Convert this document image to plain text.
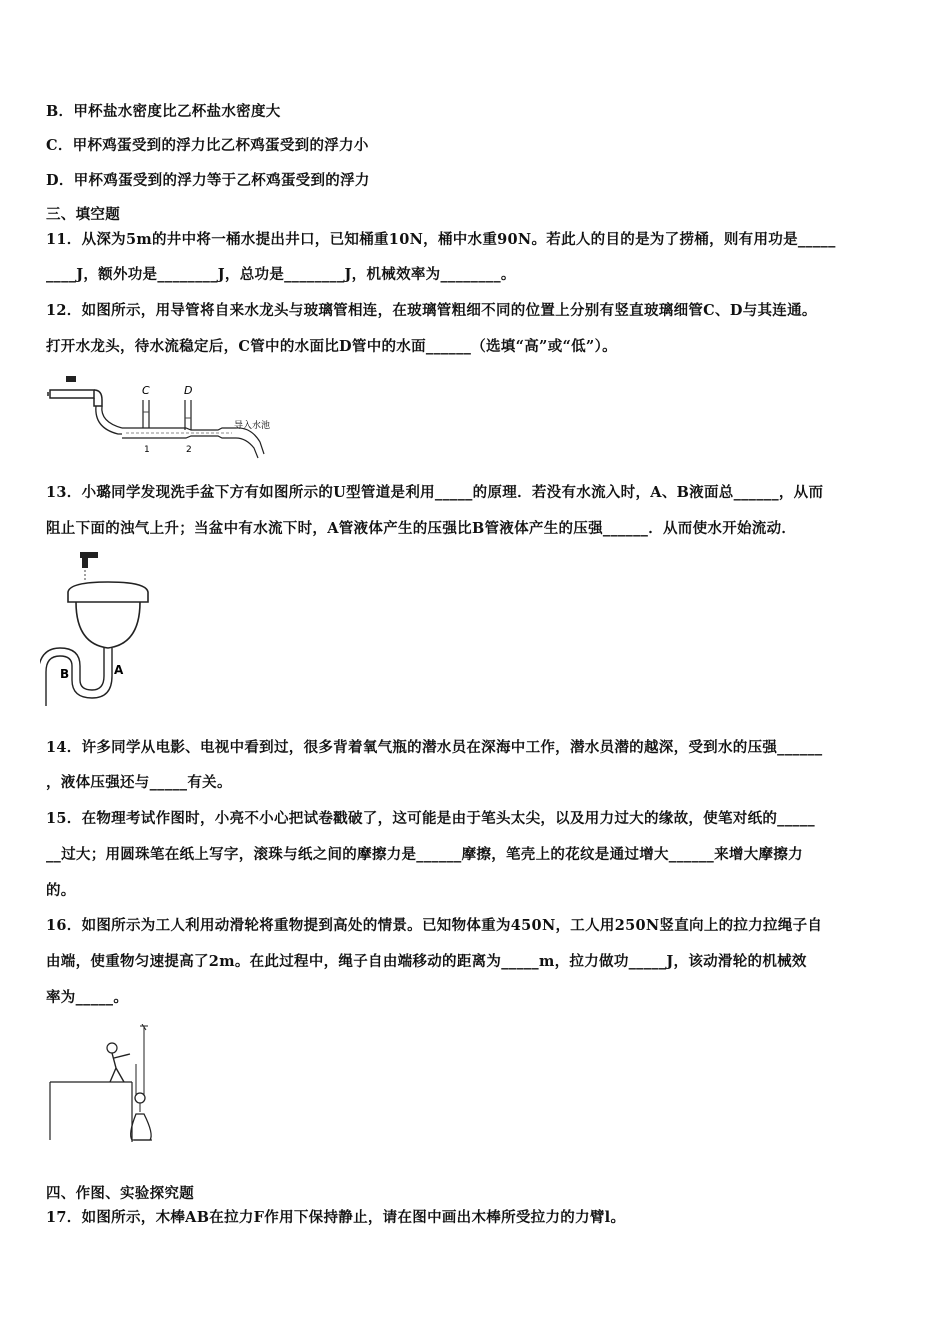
B．甲杯盐水密度比乙杯盐水密度大
C．甲杯鸡蛋受到的浮力比乙杯鸡蛋受到的浮力小
D．甲杯鸡蛋受到的浮力等于乙杯鸡蛋受到的浮力
三、填空题
11．从深为5m的井中将一桶水提出井口，已知桶重10N，桶中水重90N。若此人的目的是为了捞桶，则有用功是_____
____J，额外功是________J，总功是________J，机械效率为________。
12．如图所示，用导管将自来水龙头与玻璃管相连，在玻璃管粗细不同的位置上分别有竖直玻璃细管C、D与其连通。
打开水龙头，待水流稳定后，C管中的水面比D管中的水面______（选填“高”或“低”）。
C	D
1	2
导入水池
13．小璐同学发现洗手盆下方有如图所示的U型管道是利用_____的原理．若没有水流入时，A、B液面总______，从而
阻止下面的浊气上升；当盆中有水流下时，A管液体产生的压强比B管液体产生的压强______．从而使水开始流动．
B	A
14．许多同学从电影、电视中看到过，很多背着氧气瓶的潜水员在深海中工作，潜水员潜的越深，受到水的压强______
，液体压强还与_____有关。
15．在物理考试作图时，小亮不小心把试卷戳破了，这可能是由于笔头太尖，以及用力过大的缘故，使笔对纸的_____
__过大；用圆珠笔在纸上写字，滚珠与纸之间的摩擦力是______摩擦，笔壳上的花纹是通过增大______来增大摩擦力
的。
16．如图所示为工人利用动滑轮将重物提到高处的情景。已知物体重为450N，工人用250N竖直向上的拉力拉绳子自
由端，使重物匀速提高了2m。在此过程中，绳子自由端移动的距离为_____m，拉力做功_____J，该动滑轮的机械效
率为_____。
四、作图、实验探究题
17．如图所示，木棒AB在拉力F作用下保持静止，请在图中画出木棒所受拉力的力臂l。
